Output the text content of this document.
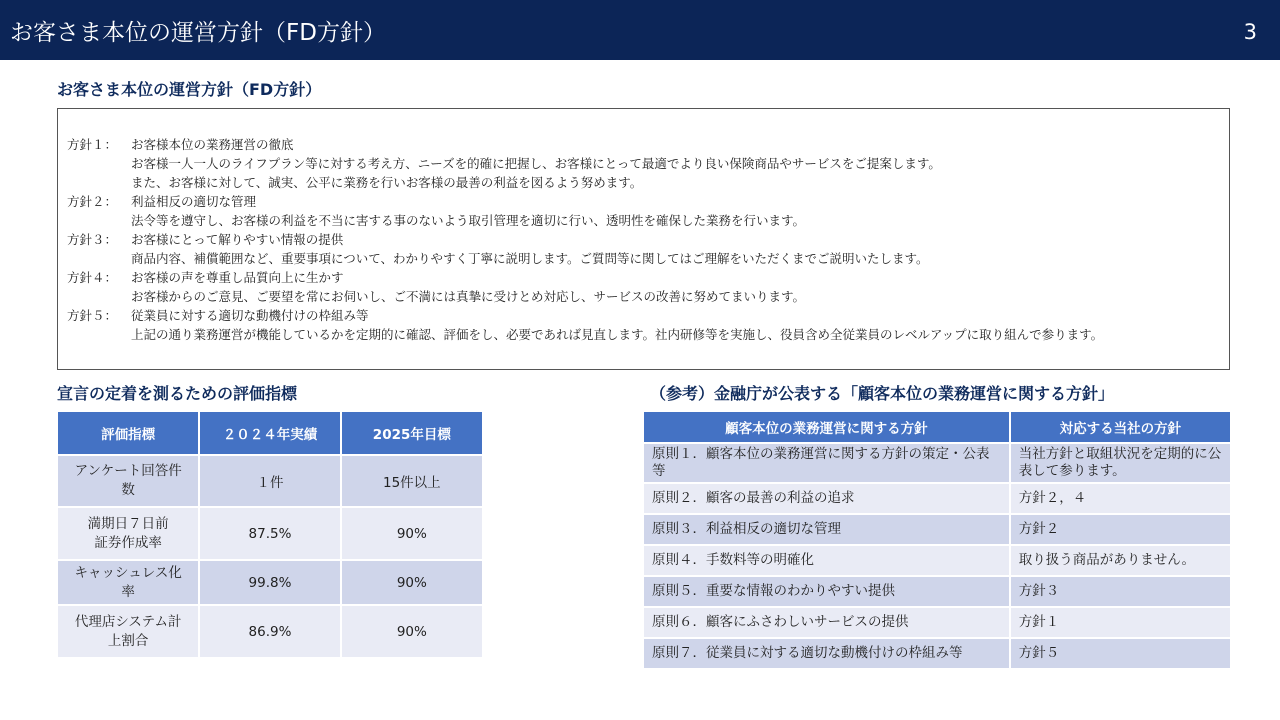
お客さま本位の運営方針（FD方針）	3
お客さま本位の運営方針（FD方針）
方針１：	お客様本位の業務運営の徹底
お客様一人一人のライフプラン等に対する考え方、ニーズを的確に把握し、お客様にとって最適でより良い保険商品やサービスをご提案します。
また、お客様に対して、誠実、公平に業務を行いお客様の最善の利益を図るよう努めます。
方針２：	利益相反の適切な管理
法令等を遵守し、お客様の利益を不当に害する事のないよう取引管理を適切に行い、透明性を確保した業務を行います。
方針３：	お客様にとって解りやすい情報の提供
商品内容、補償範囲など、重要事項について、わかりやすく丁寧に説明します。ご質問等に関してはご理解をいただくまでご説明いたします。
方針４：	お客様の声を尊重し品質向上に生かす
お客様からのご意見、ご要望を常にお伺いし、ご不満には真摯に受けとめ対応し、サービスの改善に努めてまいります。
方針５：	従業員に対する適切な動機付けの枠組み等
上記の通り業務運営が機能しているかを定期的に確認、評価をし、必要であれば見直します。社内研修等を実施し、役員含め全従業員のレベルアップに取り組んで参ります。
宣言の定着を測るための評価指標
評価指標	２０２４年実績	2025年目標
アンケート回答件数	１件	15件以上
満期日７日前
証券作成率	87.5%	90%
キャッシュレス化率	99.8%	90%
代理店システム計上割合	86.9%	90%
（参考）金融庁が公表する「顧客本位の業務運営に関する方針」
顧客本位の業務運営に関する方針	対応する当社の方針
原則１．顧客本位の業務運営に関する方針の策定・公表等	当社方針と取組状況を定期的に公表して参ります。
原則２．顧客の最善の利益の追求	方針２，４
原則３．利益相反の適切な管理	方針２
原則４．手数料等の明確化	取り扱う商品がありません。
原則５．重要な情報のわかりやすい提供	方針３
原則６．顧客にふさわしいサービスの提供	方針１
原則７．従業員に対する適切な動機付けの枠組み等	方針５
